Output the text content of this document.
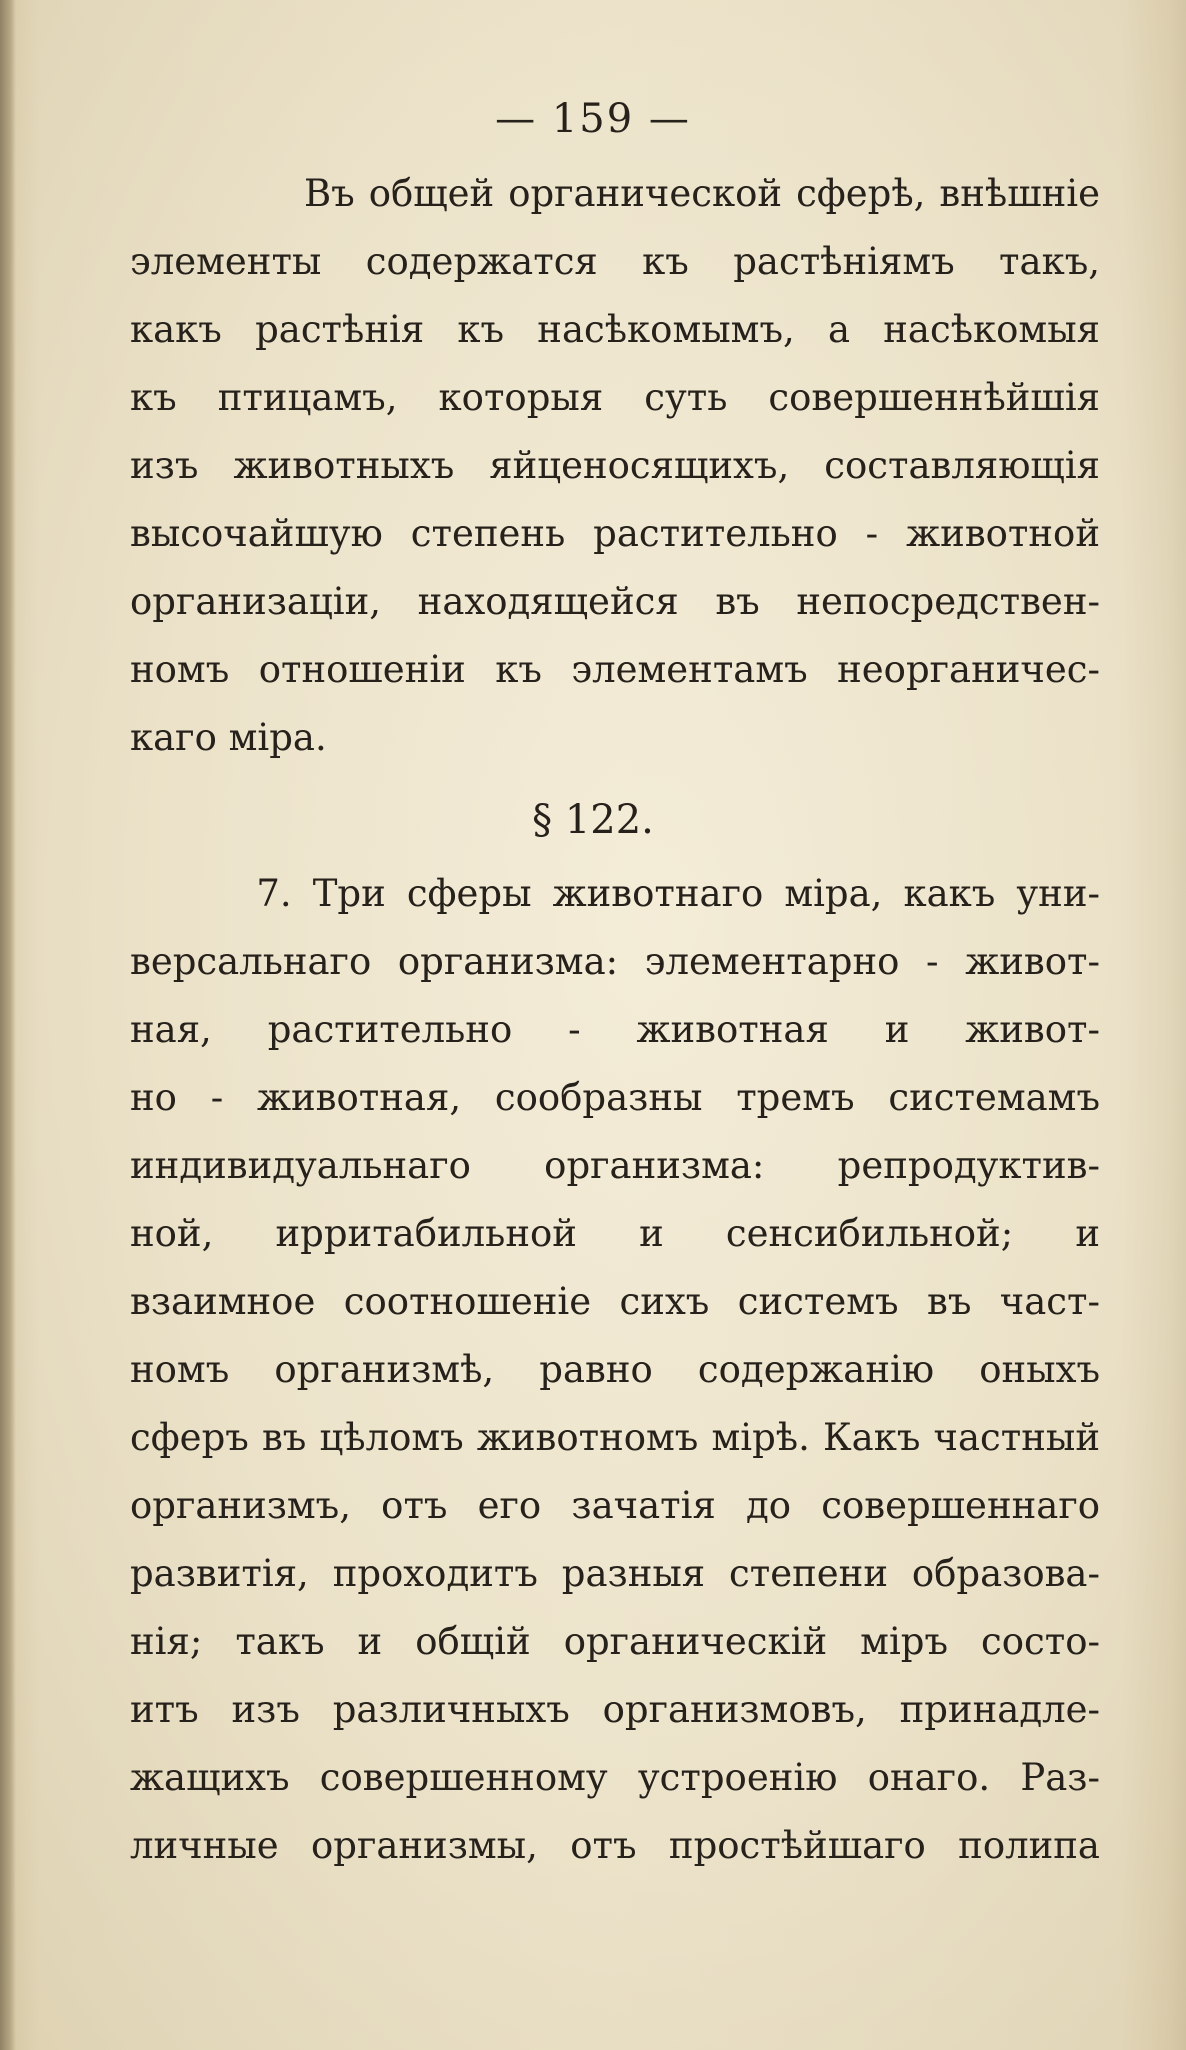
— 159 —
Въ общей органической сферѣ, внѣшніе
элементы содержатся къ растѣніямъ такъ,
какъ растѣнія къ насѣкомымъ, а насѣкомыя
къ птицамъ, которыя суть совершеннѣйшія
изъ животныхъ яйценосящихъ, составляющія
высочайшую степень растительно - животной
организаціи, находящейся въ непосредствен-
номъ отношеніи къ элементамъ неорганичес-
каго міра.
§ 122.
7. Три сферы животнаго міра, какъ уни-
версальнаго организма: элементарно - живот-
ная, растительно - животная и живот-
но - животная, сообразны тремъ системамъ
индивидуальнаго организма: репродуктив-
ной, ирритабильной и сенсибильной; и
взаимное соотношеніе сихъ системъ въ част-
номъ организмѣ, равно содержанію оныхъ
сферъ въ цѣломъ животномъ мірѣ. Какъ частный
организмъ, отъ его зачатія до совершеннаго
развитія, проходитъ разныя степени образова-
нія; такъ и общій органическій міръ состо-
итъ изъ различныхъ организмовъ, принадле-
жащихъ совершенному устроенію онаго. Раз-
личные организмы, отъ простѣйшаго полипа
